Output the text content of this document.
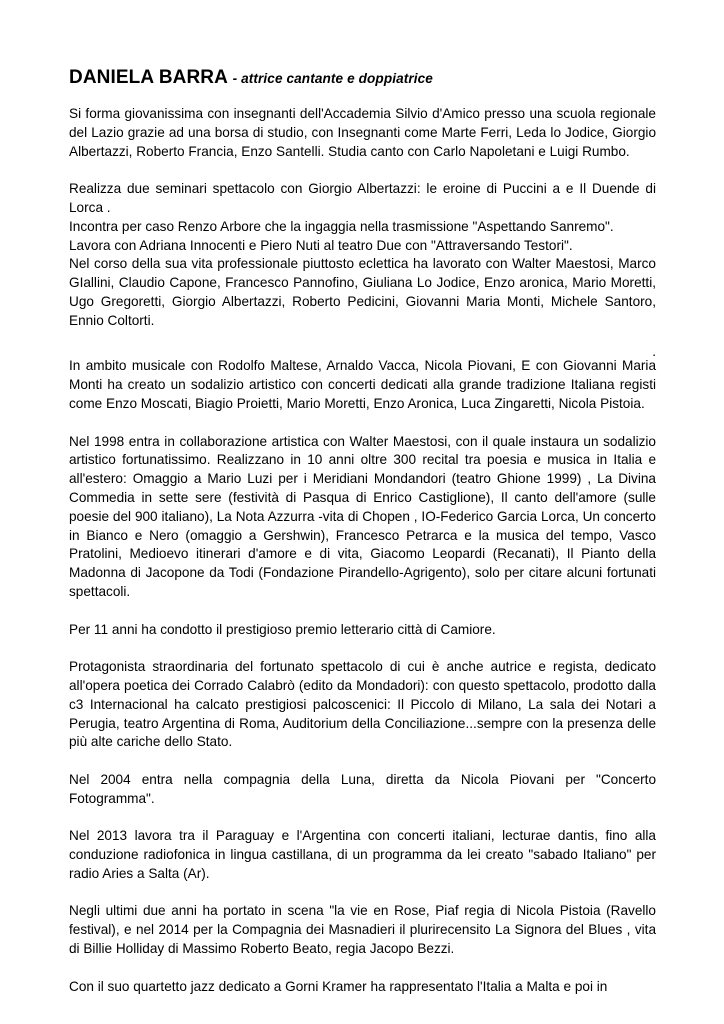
DANIELA BARRA - attrice cantante e doppiatrice

Si forma giovanissima con insegnanti dell'Accademia Silvio d'Amico presso una scuola regionale del Lazio grazie ad una borsa di studio, con Insegnanti come Marte Ferri, Leda lo Jodice, Giorgio Albertazzi, Roberto Francia, Enzo Santelli. Studia canto con Carlo Napoletani e Luigi Rumbo.

Realizza due seminari spettacolo con Giorgio Albertazzi: le eroine di Puccini a e Il Duende di Lorca .

Incontra per caso Renzo Arbore che la ingaggia nella trasmissione "Aspettando Sanremo".

Lavora con Adriana Innocenti e Piero Nuti al teatro Due con "Attraversando Testori".

Nel corso della sua vita professionale piuttosto eclettica ha lavorato con Walter Maestosi, Marco GIallini, Claudio Capone, Francesco Pannofino, Giuliana Lo Jodice, Enzo aronica, Mario Moretti, Ugo Gregoretti, Giorgio Albertazzi, Roberto Pedicini, Giovanni Maria Monti, Michele Santoro, Ennio Coltorti.

.

In ambito musicale con Rodolfo Maltese, Arnaldo Vacca, Nicola Piovani, E con Giovanni Maria Monti ha creato un sodalizio artistico con concerti dedicati alla grande tradizione Italiana registi come Enzo Moscati, Biagio Proietti, Mario Moretti, Enzo Aronica, Luca Zingaretti, Nicola Pistoia.

Nel 1998 entra in collaborazione artistica con Walter Maestosi, con il quale instaura un sodalizio artistico fortunatissimo. Realizzano in 10 anni oltre 300 recital tra poesia e musica in Italia e all'estero: Omaggio a Mario Luzi per i Meridiani Mondandori (teatro Ghione 1999) , La Divina Commedia in sette sere (festività di Pasqua di Enrico Castiglione), Il canto dell'amore (sulle poesie del 900 italiano), La Nota Azzurra -vita di Chopen , IO-Federico Garcia Lorca, Un concerto in Bianco e Nero (omaggio a Gershwin), Francesco Petrarca e la musica del tempo, Vasco Pratolini, Medioevo itinerari d'amore e di vita, Giacomo Leopardi (Recanati), Il Pianto della Madonna di Jacopone da Todi (Fondazione Pirandello-Agrigento), solo per citare alcuni fortunati spettacoli.

Per 11 anni ha condotto il prestigioso premio letterario città di Camiore.

Protagonista straordinaria del fortunato spettacolo di cui è anche autrice e regista, dedicato all'opera poetica dei Corrado Calabrò (edito da Mondadori): con questo spettacolo, prodotto dalla c3 Internacional ha calcato prestigiosi palcoscenici: Il Piccolo di Milano, La sala dei Notari a Perugia, teatro Argentina di Roma, Auditorium della Conciliazione...sempre con la presenza delle più alte cariche dello Stato.

Nel 2004 entra nella compagnia della Luna, diretta da Nicola Piovani per "Concerto Fotogramma".

Nel 2013 lavora tra il Paraguay e l'Argentina con concerti italiani, lecturae dantis, fino alla conduzione radiofonica in lingua castillana, di un programma da lei creato "sabado Italiano" per radio Aries a Salta (Ar).

Negli ultimi due anni ha portato in scena "la vie en Rose, Piaf regia di Nicola Pistoia (Ravello festival), e nel 2014 per la Compagnia dei Masnadieri il plurirecensito La Signora del Blues , vita di Billie Holliday di Massimo Roberto Beato, regia Jacopo Bezzi.

Con il suo quartetto jazz dedicato a Gorni Kramer ha rappresentato l'Italia a Malta e poi in
